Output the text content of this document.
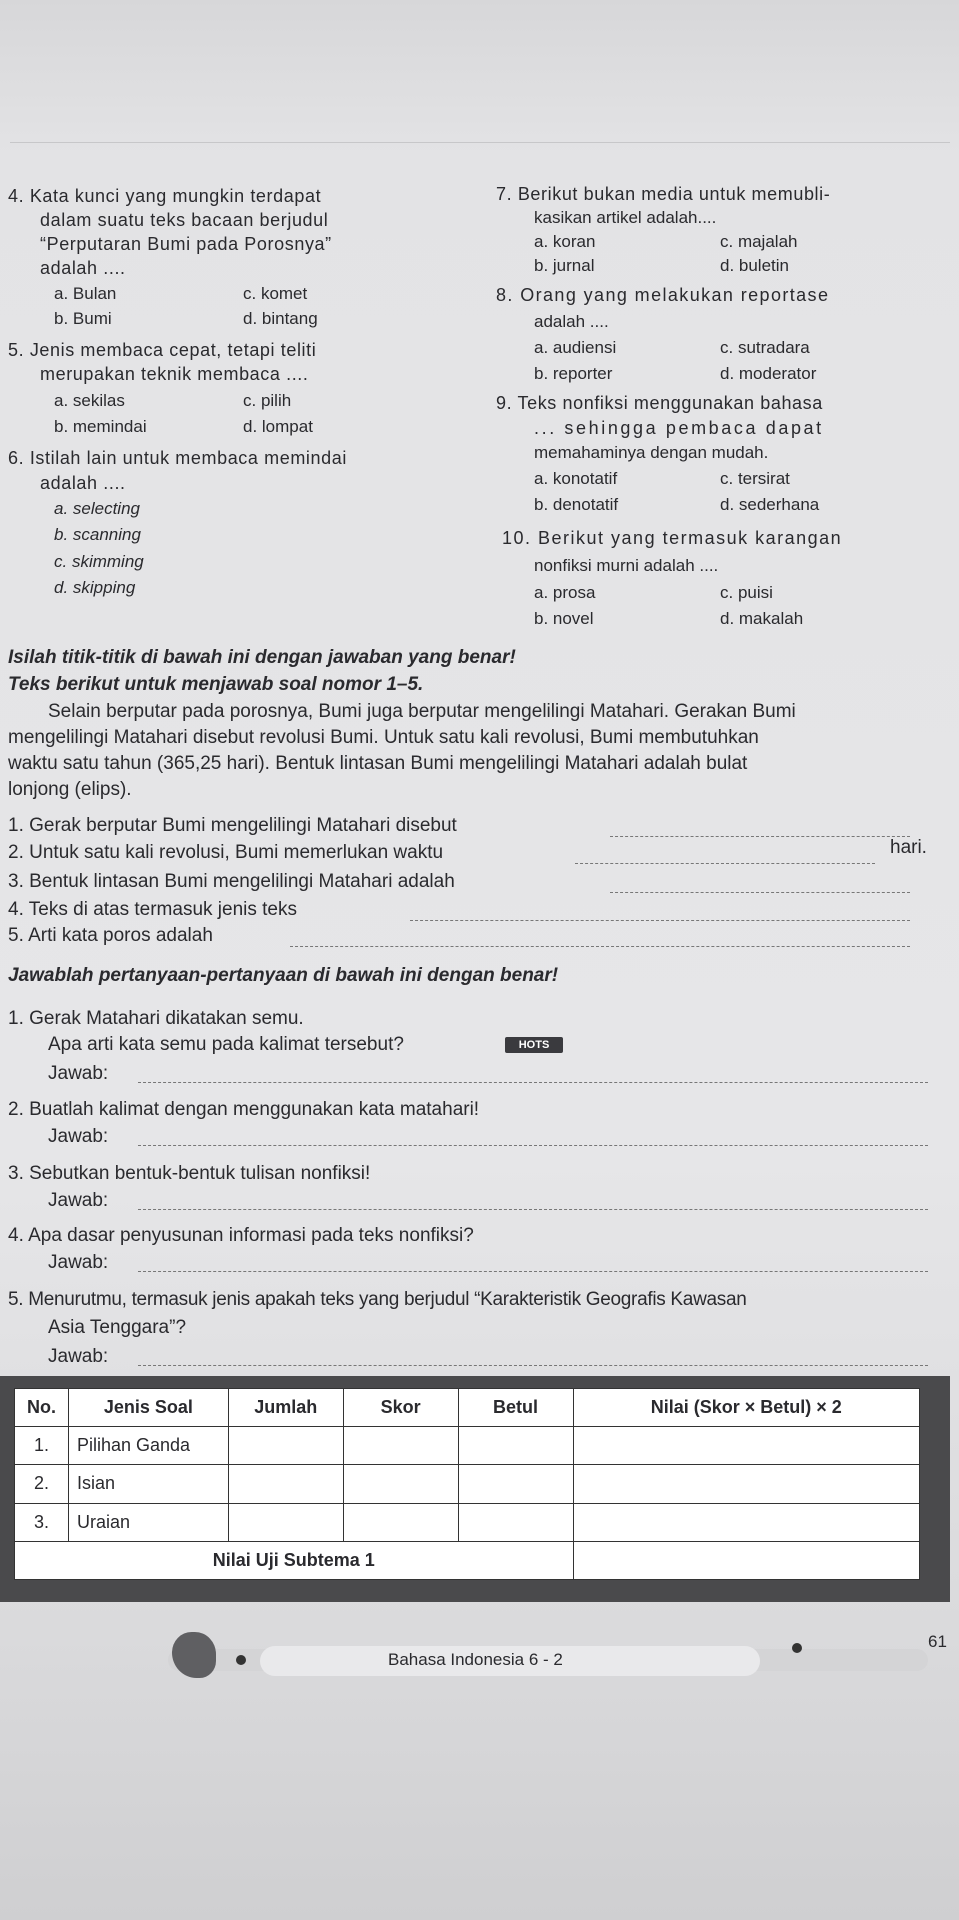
4. Kata kunci yang mungkin terdapat
dalam suatu teks bacaan berjudul
“Perputaran Bumi pada Porosnya”
adalah ....
a. Bulan	c. komet
b. Bumi	d. bintang
5. Jenis membaca cepat, tetapi teliti
merupakan teknik membaca ....
a. sekilas	c. pilih
b. memindai	d. lompat
6. Istilah lain untuk membaca memindai
adalah ....
a. selecting
b. scanning
c. skimming
d. skipping
7. Berikut bukan media untuk memubli-
kasikan artikel adalah....
a. koran	c. majalah
b. jurnal	d. buletin
8. Orang yang melakukan reportase
adalah ....
a. audiensi	c. sutradara
b. reporter	d. moderator
9. Teks nonfiksi menggunakan bahasa
... sehingga pembaca dapat
memahaminya dengan mudah.
a. konotatif	c. tersirat
b. denotatif	d. sederhana
10. Berikut yang termasuk karangan
nonfiksi murni adalah ....
a. prosa	c. puisi
b. novel	d. makalah
Isilah titik-titik di bawah ini dengan jawaban yang benar!
Teks berikut untuk menjawab soal nomor 1–5.
Selain berputar pada porosnya, Bumi juga berputar mengelilingi Matahari. Gerakan Bumi
mengelilingi Matahari disebut revolusi Bumi. Untuk satu kali revolusi, Bumi membutuhkan
waktu satu tahun (365,25 hari). Bentuk lintasan Bumi mengelilingi Matahari adalah bulat
lonjong (elips).
1. Gerak berputar Bumi mengelilingi Matahari disebut
2. Untuk satu kali revolusi, Bumi memerlukan waktu	hari.
3. Bentuk lintasan Bumi mengelilingi Matahari adalah
4. Teks di atas termasuk jenis teks
5. Arti kata poros adalah
Jawablah pertanyaan-pertanyaan di bawah ini dengan benar!
1. Gerak Matahari dikatakan semu.
Apa arti kata semu pada kalimat tersebut?	HOTS
Jawab:
2. Buatlah kalimat dengan menggunakan kata matahari!
Jawab:
3. Sebutkan bentuk-bentuk tulisan nonfiksi!
Jawab:
4. Apa dasar penyusunan informasi pada teks nonfiksi?
Jawab:
5. Menurutmu, termasuk jenis apakah teks yang berjudul “Karakteristik Geografis Kawasan
Asia Tenggara”?
Jawab:
No.	Jenis Soal	Jumlah	Skor	Betul	Nilai (Skor × Betul) × 2
1.	Pilihan Ganda				
2.	Isian				
3.	Uraian				
Nilai Uji Subtema 1					
Bahasa Indonesia 6 - 2
61
